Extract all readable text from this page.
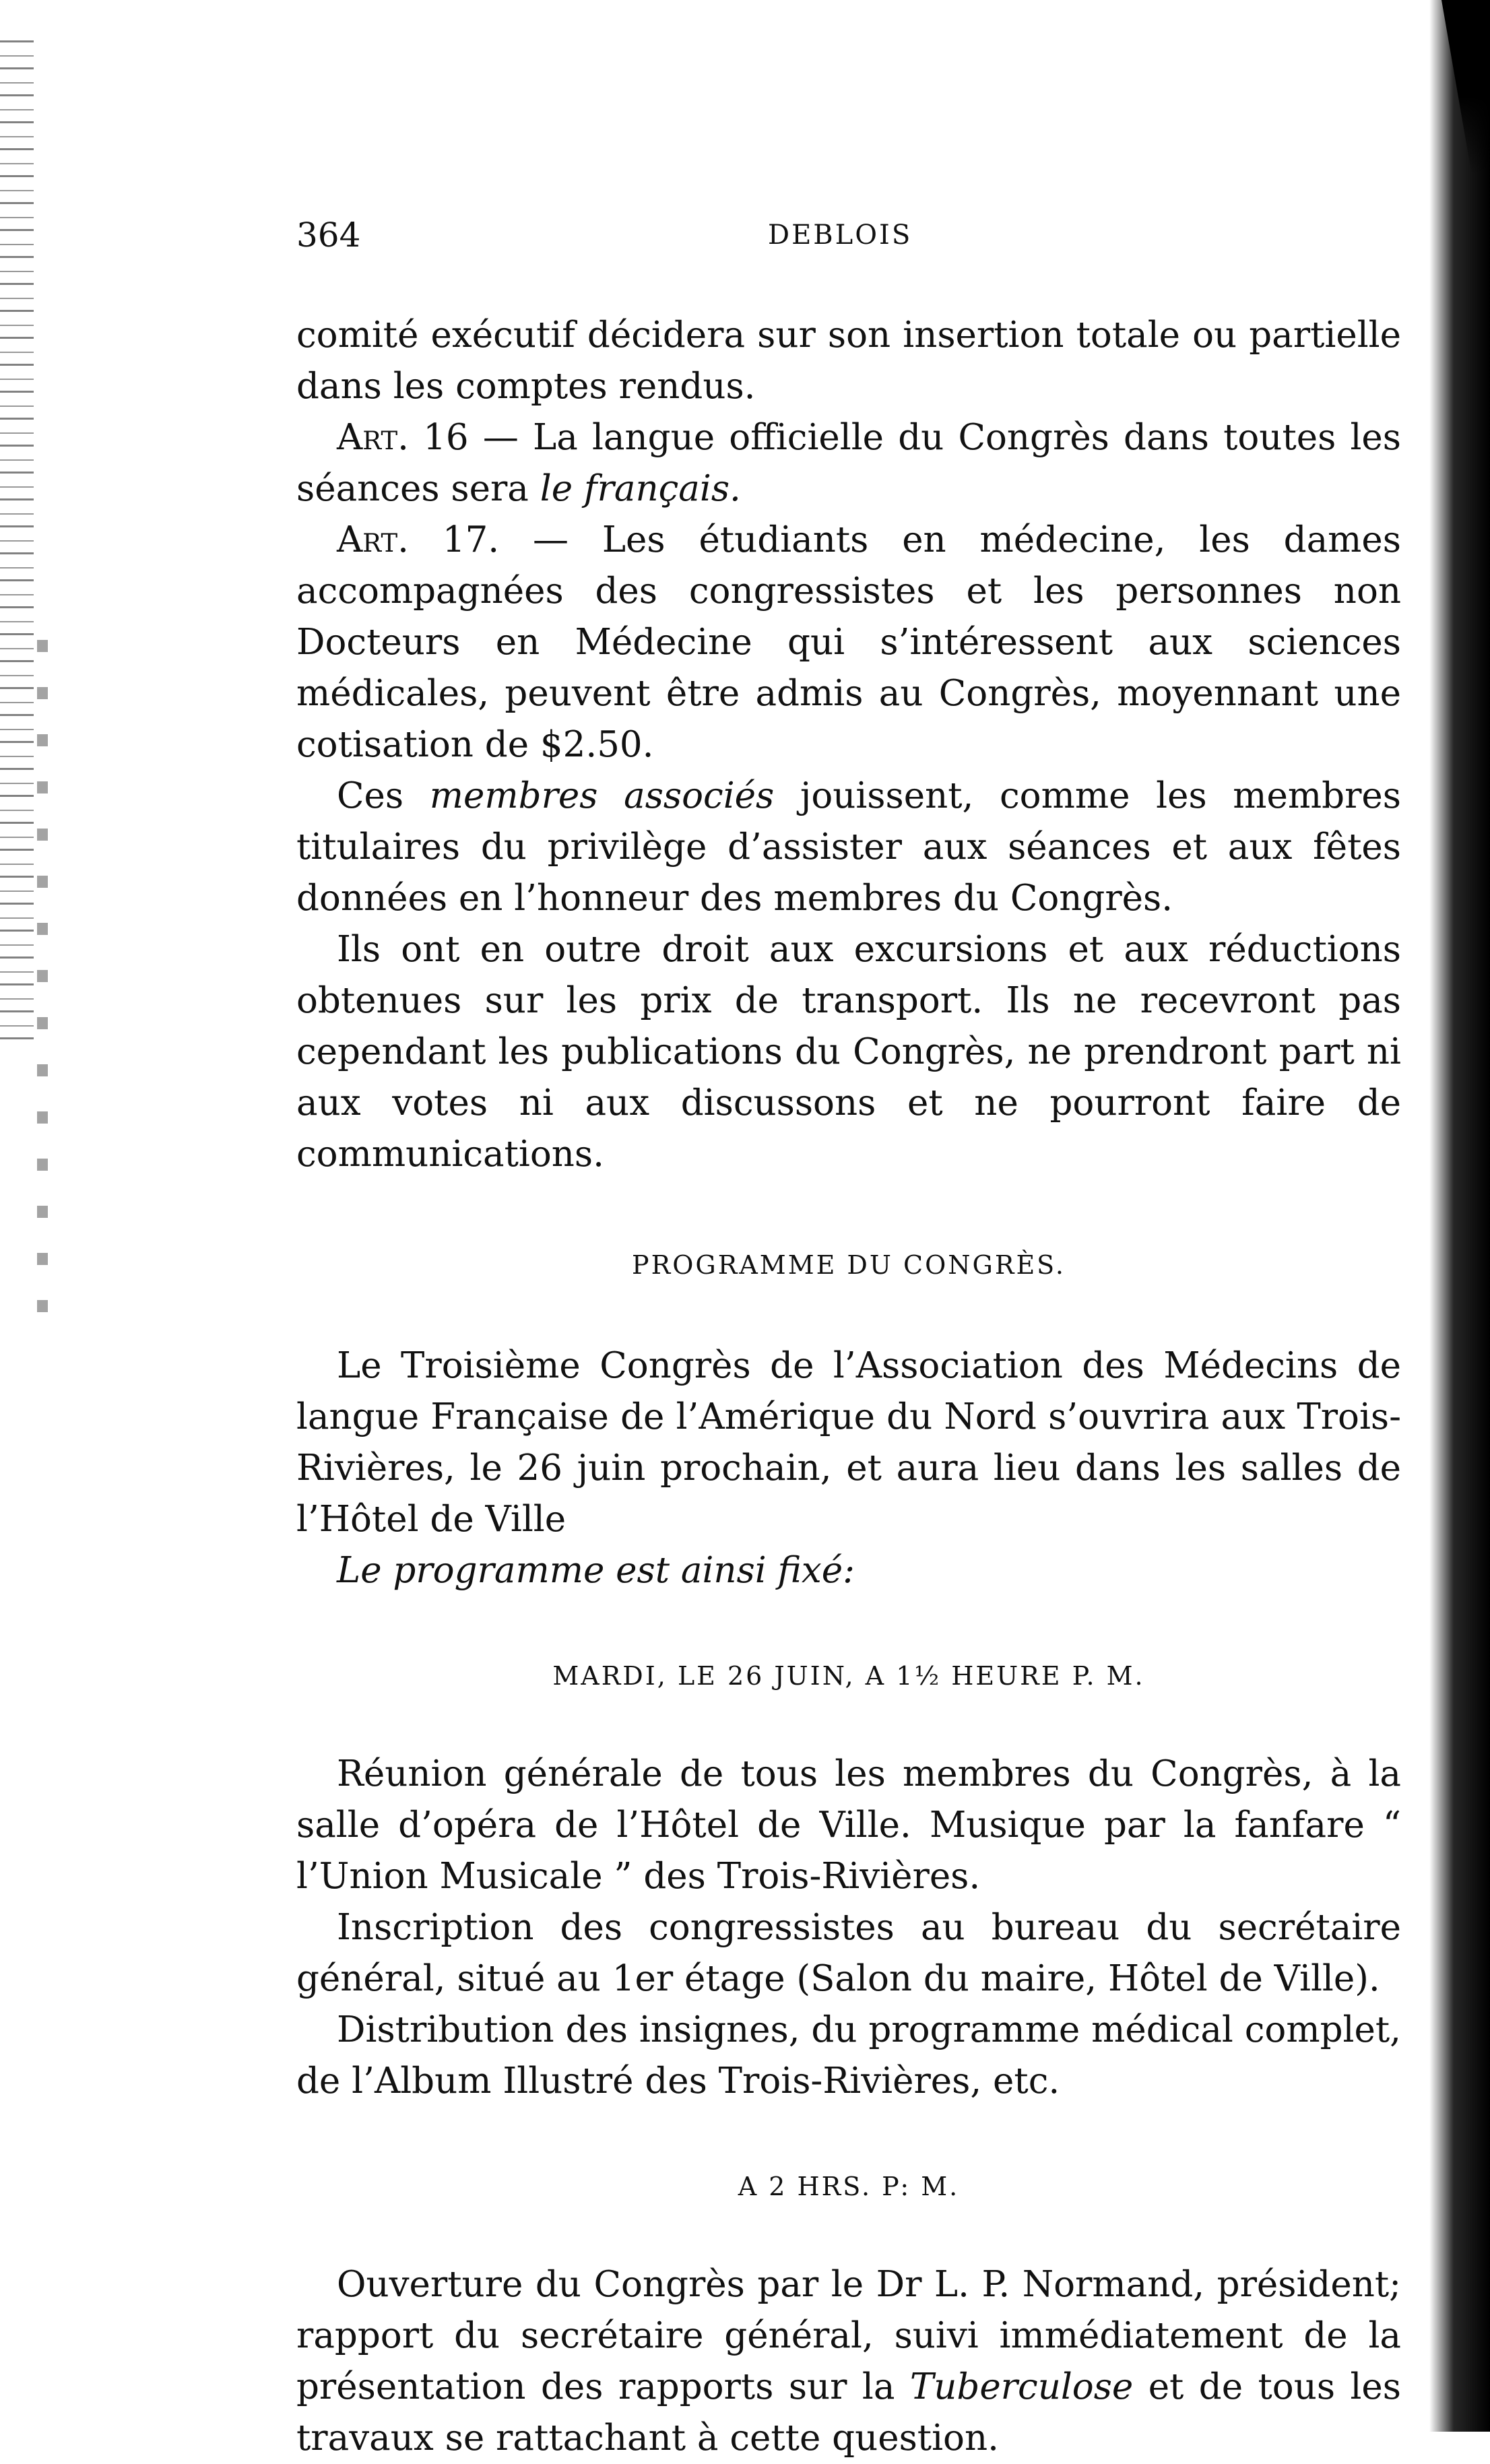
364	DEBLOIS

comité exécutif décidera sur son insertion totale ou partielle dans les comptes rendus.

Art. 16 — La langue officielle du Congrès dans toutes les séances sera le français.

Art. 17. — Les étudiants en médecine, les dames accompagnées des congressistes et les personnes non Docteurs en Médecine qui s’intéressent aux sciences médicales, peuvent être admis au Congrès, moyennant une cotisation de $2.50.

Ces membres associés jouissent, comme les membres titulaires du privilège d’assister aux séances et aux fêtes données en l’honneur des membres du Congrès.

Ils ont en outre droit aux excursions et aux réductions obtenues sur les prix de transport. Ils ne recevront pas cependant les publications du Congrès, ne prendront part ni aux votes ni aux discussons et ne pourront faire de communications.

PROGRAMME DU CONGRÈS.

Le Troisième Congrès de l’Association des Médecins de langue Française de l’Amérique du Nord s’ouvrira aux Trois-Rivières, le 26 juin prochain, et aura lieu dans les salles de l’Hôtel de Ville

Le programme est ainsi fixé:

MARDI, LE 26 JUIN, A 1½ HEURE P. M.

Réunion générale de tous les membres du Congrès, à la salle d’opéra de l’Hôtel de Ville. Musique par la fanfare “ l’Union Musicale ” des Trois-Rivières.

Inscription des congressistes au bureau du secrétaire général, situé au 1er étage (Salon du maire, Hôtel de Ville).

Distribution des insignes, du programme médical complet, de l’Album Illustré des Trois-Rivières, etc.

A 2 HRS. P: M.

Ouverture du Congrès par le Dr L. P. Normand, président; rapport du secrétaire général, suivi immédiatement de la présentation des rapports sur la Tuberculose et de tous les travaux se rattachant à cette question.
